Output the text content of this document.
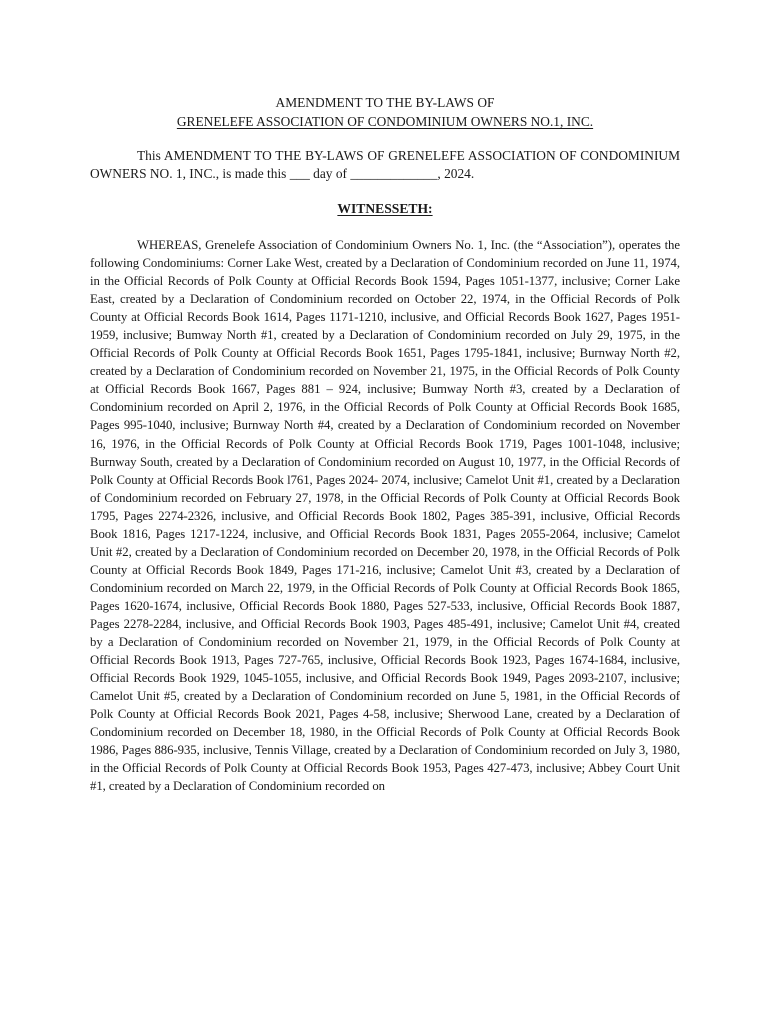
AMENDMENT TO THE BY-LAWS OF
GRENELEFE ASSOCIATION OF CONDOMINIUM OWNERS NO.1, INC.

This AMENDMENT TO THE BY-LAWS OF GRENELEFE ASSOCIATION OF CONDOMINIUM OWNERS NO. 1, INC., is made this ___ day of _____________, 2024.

WITNESSETH:

WHEREAS, Grenelefe Association of Condominium Owners No. 1, Inc. (the “Association”), operates the following Condominiums: Corner Lake West, created by a Declaration of Condominium recorded on June 11, 1974, in the Official Records of Polk County at Official Records Book 1594, Pages 1051-1377, inclusive; Corner Lake East, created by a Declaration of Condominium recorded on October 22, 1974, in the Official Records of Polk County at Official Records Book 1614, Pages 1171-1210, inclusive, and Official Records Book 1627, Pages 1951-1959, inclusive; Bumway North #1, created by a Declaration of Condominium recorded on July 29, 1975, in the Official Records of Polk County at Official Records Book 1651, Pages 1795-1841, inclusive; Burnway North #2, created by a Declaration of Condominium recorded on November 21, 1975, in the Official Records of Polk County at Official Records Book 1667, Pages 881 – 924, inclusive; Bumway North #3, created by a Declaration of Condominium recorded on April 2, 1976, in the Official Records of Polk County at Official Records Book 1685, Pages 995-1040, inclusive; Burnway North #4, created by a Declaration of Condominium recorded on November 16, 1976, in the Official Records of Polk County at Official Records Book 1719, Pages 1001-1048, inclusive; Burnway South, created by a Declaration of Condominium recorded on August 10, 1977, in the Official Records of Polk County at Official Records Book l761, Pages 2024- 2074, inclusive; Camelot Unit #1, created by a Declaration of Condominium recorded on February 27, 1978, in the Official Records of Polk County at Official Records Book 1795, Pages 2274-2326, inclusive, and Official Records Book 1802, Pages 385-391, inclusive, Official Records Book 1816, Pages 1217-1224, inclusive, and Official Records Book 1831, Pages 2055-2064, inclusive; Camelot Unit #2, created by a Declaration of Condominium recorded on December 20, 1978, in the Official Records of Polk County at Official Records Book 1849, Pages 171-216, inclusive; Camelot Unit #3, created by a Declaration of Condominium recorded on March 22, 1979, in the Official Records of Polk County at Official Records Book 1865, Pages 1620-1674, inclusive, Official Records Book 1880, Pages 527-533, inclusive, Official Records Book 1887, Pages 2278-2284, inclusive, and Official Records Book 1903, Pages 485-491, inclusive; Camelot Unit #4, created by a Declaration of Condominium recorded on November 21, 1979, in the Official Records of Polk County at Official Records Book 1913, Pages 727-765, inclusive, Official Records Book 1923, Pages 1674-1684, inclusive, Official Records Book 1929, 1045-1055, inclusive, and Official Records Book 1949, Pages 2093-2107, inclusive; Camelot Unit #5, created by a Declaration of Condominium recorded on June 5, 1981, in the Official Records of Polk County at Official Records Book 2021, Pages 4-58, inclusive; Sherwood Lane, created by a Declaration of Condominium recorded on December 18, 1980, in the Official Records of Polk County at Official Records Book 1986, Pages 886-935, inclusive, Tennis Village, created by a Declaration of Condominium recorded on July 3, 1980, in the Official Records of Polk County at Official Records Book 1953, Pages 427-473, inclusive; Abbey Court Unit #1, created by a Declaration of Condominium recorded on
